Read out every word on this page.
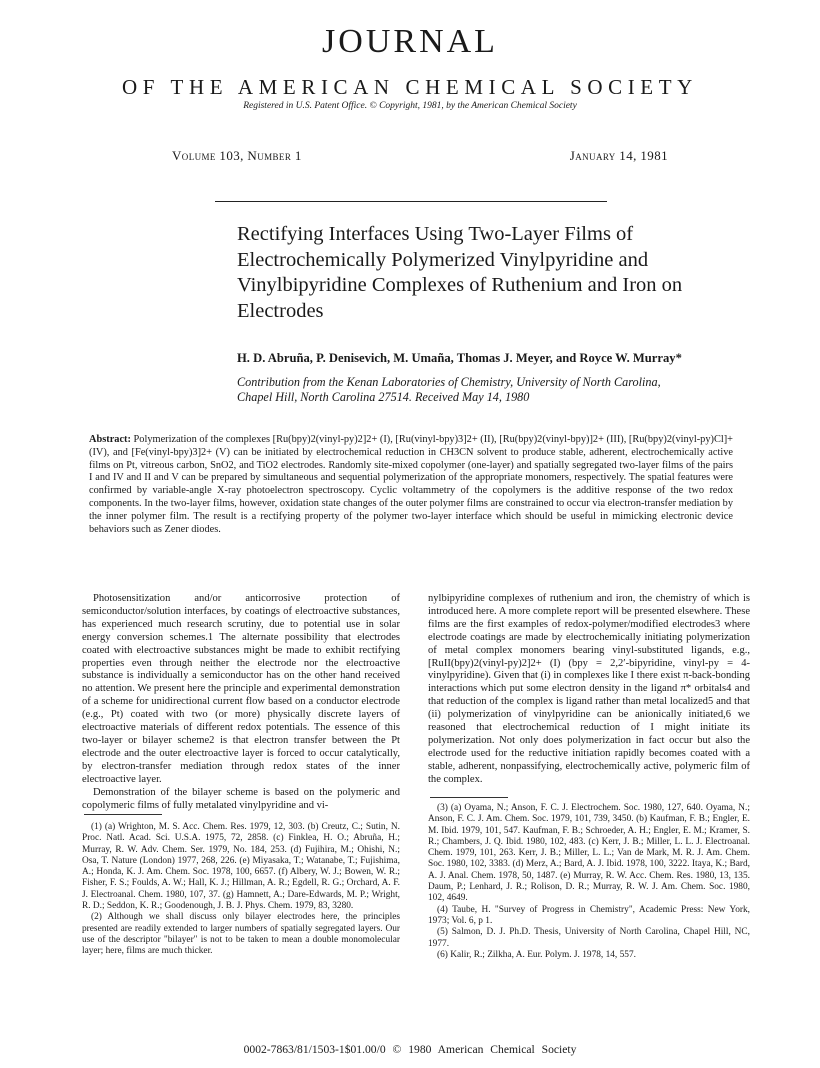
JOURNAL
OF THE AMERICAN CHEMICAL SOCIETY
Registered in U.S. Patent Office. © Copyright, 1981, by the American Chemical Society
Volume 103, Number 1	January 14, 1981
Rectifying Interfaces Using Two-Layer Films of Electrochemically Polymerized Vinylpyridine and Vinylbipyridine Complexes of Ruthenium and Iron on Electrodes
H. D. Abruña, P. Denisevich, M. Umaña, Thomas J. Meyer, and Royce W. Murray*
Contribution from the Kenan Laboratories of Chemistry, University of North Carolina,
Chapel Hill, North Carolina 27514. Received May 14, 1980
Abstract: Polymerization of the complexes [Ru(bpy)2(vinyl-py)2]2+ (I), [Ru(vinyl-bpy)3]2+ (II), [Ru(bpy)2(vinyl-bpy)]2+ (III), [Ru(bpy)2(vinyl-py)Cl]+ (IV), and [Fe(vinyl-bpy)3]2+ (V) can be initiated by electrochemical reduction in CH3CN solvent to produce stable, adherent, electrochemically active films on Pt, vitreous carbon, SnO2, and TiO2 electrodes. Randomly site-mixed copolymer (one-layer) and spatially segregated two-layer films of the pairs I and IV and II and V can be prepared by simultaneous and sequential polymerization of the appropriate monomers, respectively. The spatial features were confirmed by variable-angle X-ray photoelectron spectroscopy. Cyclic voltammetry of the copolymers is the additive response of the two redox components. In the two-layer films, however, oxidation state changes of the outer polymer films are constrained to occur via electron-transfer mediation by the inner polymer film. The result is a rectifying property of the polymer two-layer interface which should be useful in mimicking electronic device behaviors such as Zener diodes.

Photosensitization and/or anticorrosive protection of semiconductor/solution interfaces, by coatings of electroactive substances, has experienced much research scrutiny, due to potential use in solar energy conversion schemes.1 The alternate possibility that electrodes coated with electroactive substances might be made to exhibit rectifying properties even through neither the electrode nor the electroactive substance is individually a semiconductor has on the other hand received no attention. We present here the principle and experimental demonstration of a scheme for unidirectional current flow based on a conductor electrode (e.g., Pt) coated with two (or more) physically discrete layers of electroactive materials of different redox potentials. The essence of this two-layer or bilayer scheme2 is that electron transfer between the Pt electrode and the outer electroactive layer is forced to occur catalytically, by electron-transfer mediation through redox states of the inner electroactive layer.

Demonstration of the bilayer scheme is based on the polymeric and copolymeric films of fully metalated vinylpyridine and vi-

nylbipyridine complexes of ruthenium and iron, the chemistry of which is introduced here. A more complete report will be presented elsewhere. These films are the first examples of redox-polymer/modified electrodes3 where electrode coatings are made by electrochemically initiating polymerization of metal complex monomers bearing vinyl-substituted ligands, e.g., [RuII(bpy)2(vinyl-py)2]2+ (I) (bpy = 2,2′-bipyridine, vinyl-py = 4-vinylpyridine). Given that (i) in complexes like I there exist π-back-bonding interactions which put some electron density in the ligand π* orbitals4 and that reduction of the complex is ligand rather than metal localized5 and that (ii) polymerization of vinylpyridine can be anionically initiated,6 we reasoned that electrochemical reduction of I might initiate its polymerization. Not only does polymerization in fact occur but also the electrode used for the reductive initiation rapidly becomes coated with a stable, adherent, nonpassifying, electrochemically active, polymeric film of the complex.

(1) (a) Wrighton, M. S. Acc. Chem. Res. 1979, 12, 303. (b) Creutz, C.; Sutin, N. Proc. Natl. Acad. Sci. U.S.A. 1975, 72, 2858. (c) Finklea, H. O.; Abruña, H.; Murray, R. W. Adv. Chem. Ser. 1979, No. 184, 253. (d) Fujihira, M.; Ohishi, N.; Osa, T. Nature (London) 1977, 268, 226. (e) Miyasaka, T.; Watanabe, T.; Fujishima, A.; Honda, K. J. Am. Chem. Soc. 1978, 100, 6657. (f) Albery, W. J.; Bowen, W. R.; Fisher, F. S.; Foulds, A. W.; Hall, K. J.; Hillman, A. R.; Egdell, R. G.; Orchard, A. F. J. Electroanal. Chem. 1980, 107, 37. (g) Hamnett, A.; Dare-Edwards, M. P.; Wright, R. D.; Seddon, K. R.; Goodenough, J. B. J. Phys. Chem. 1979, 83, 3280.

(2) Although we shall discuss only bilayer electrodes here, the principles presented are readily extended to larger numbers of spatially segregated layers. Our use of the descriptor "bilayer" is not to be taken to mean a double monomolecular layer; here, films are much thicker.

(3) (a) Oyama, N.; Anson, F. C. J. Electrochem. Soc. 1980, 127, 640. Oyama, N.; Anson, F. C. J. Am. Chem. Soc. 1979, 101, 739, 3450. (b) Kaufman, F. B.; Engler, E. M. Ibid. 1979, 101, 547. Kaufman, F. B.; Schroeder, A. H.; Engler, E. M.; Kramer, S. R.; Chambers, J. Q. Ibid. 1980, 102, 483. (c) Kerr, J. B.; Miller, L. L. J. Electroanal. Chem. 1979, 101, 263. Kerr, J. B.; Miller, L. L.; Van de Mark, M. R. J. Am. Chem. Soc. 1980, 102, 3383. (d) Merz, A.; Bard, A. J. Ibid. 1978, 100, 3222. Itaya, K.; Bard, A. J. Anal. Chem. 1978, 50, 1487. (e) Murray, R. W. Acc. Chem. Res. 1980, 13, 135. Daum, P.; Lenhard, J. R.; Rolison, D. R.; Murray, R. W. J. Am. Chem. Soc. 1980, 102, 4649.

(4) Taube, H. "Survey of Progress in Chemistry", Academic Press: New York, 1973; Vol. 6, p 1.

(5) Salmon, D. J. Ph.D. Thesis, University of North Carolina, Chapel Hill, NC, 1977.

(6) Kalir, R.; Zilkha, A. Eur. Polym. J. 1978, 14, 557.

0002-7863/81/1503-1$01.00/0 © 1980 American Chemical Society
